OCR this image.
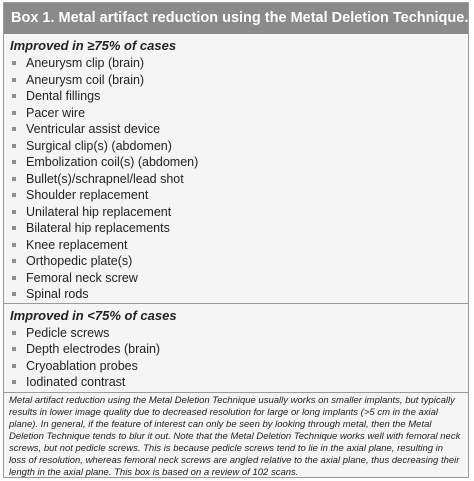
Box 1. Metal artifact reduction using the Metal Deletion Technique.
Improved in ≥75% of cases
Aneurysm clip (brain)
Aneurysm coil (brain)
Dental fillings
Pacer wire
Ventricular assist device
Surgical clip(s) (abdomen)
Embolization coil(s) (abdomen)
Bullet(s)/schrapnel/lead shot
Shoulder replacement
Unilateral hip replacement
Bilateral hip replacements
Knee replacement
Orthopedic plate(s)
Femoral neck screw
Spinal rods
Improved in <75% of cases
Pedicle screws
Depth electrodes (brain)
Cryoablation probes
Iodinated contrast
Metal artifact reduction using the Metal Deletion Technique usually works on smaller implants, but typically results in lower image quality due to decreased resolution for large or long implants (>5 cm in the axial plane). In general, if the feature of interest can only be seen by looking through metal, then the Metal Deletion Technique tends to blur it out. Note that the Metal Deletion Technique works well with femoral neck screws, but not pedicle screws. This is because pedicle screws tend to lie in the axial plane, resulting in loss of resolution, whereas femoral neck screws are angled relative to the axial plane, thus decreasing their length in the axial plane. This box is based on a review of 102 scans.
